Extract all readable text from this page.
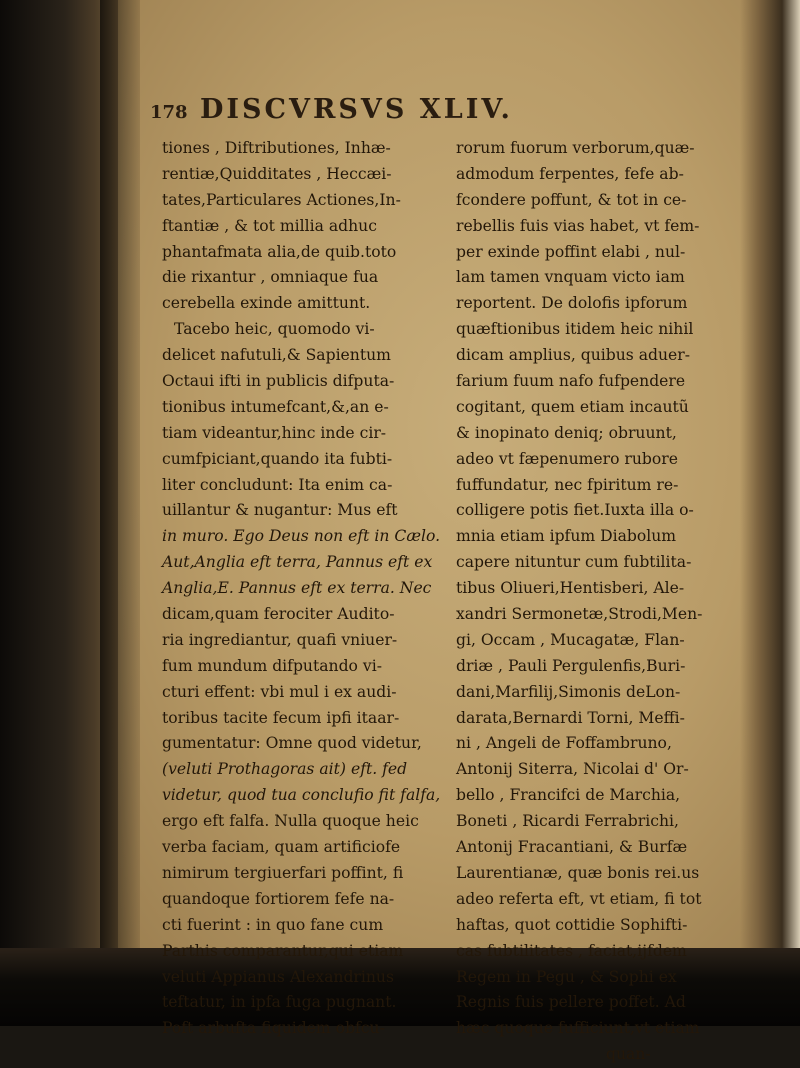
178 DISCVRSVS XLIV.
tiones , Diftributiones, Inhæ-
rentiæ,Quidditates , Heccæi-
tates,Particulares Actiones,In-
ftantiæ , & tot millia adhuc
phantafmata alia,de quib.toto
die rixantur , omniaque fua
cerebella exinde amittunt.
Tacebo heic, quomodo vi-
delicet nafutuli,& Sapientum
Octaui ifti in publicis difputa-
tionibus intumefcant,&,an e-
tiam videantur,hinc inde cir-
cumfpiciant,quando ita fubti-
liter concludunt: Ita enim ca-
uillantur & nugantur: Mus eft
in muro. Ego Deus non eft in Cælo.
Aut,Anglia eft terra, Pannus eft ex
Anglia,E. Pannus eft ex terra. Nec
dicam,quam ferociter Audito-
ria ingrediantur, quafi vniuer-
fum mundum difputando vi-
cturi effent: vbi mul i ex audi-
toribus tacite fecum ipfi itaar-
gumentatur: Omne quod videtur,
(veluti Prothagoras ait) eft. fed
videtur, quod tua conclufio fit falfa,
ergo eft falfa. Nulla quoque heic
verba faciam, quam artificiofe
nimirum tergiuerfari poffint, fi
quandoque fortiorem fefe na-
cti fuerint : in quo fane cum
Parthis comparantur,qui etiam
veluti Appianus Alexandrinus
teftatur, in ipfa fuga pugnant.
Poft arbufta fiquidem obfcu-
rorum fuorum verborum,quæ-
admodum ferpentes, fefe ab-
fcondere poffunt, & tot in ce-
rebellis fuis vias habet, vt fem-
per exinde poffint elabi , nul-
lam tamen vnquam victo iam
reportent. De dolofis ipforum
quæftionibus itidem heic nihil
dicam amplius, quibus aduer-
farium fuum nafo fufpendere
cogitant, quem etiam incautũ
& inopinato deniq; obruunt,
adeo vt fæpenumero rubore
fuffundatur, nec fpiritum re-
colligere potis fiet.Iuxta illa o-
mnia etiam ipfum Diabolum
capere nituntur cum fubtilita-
tibus Oliueri,Hentisberi, Ale-
xandri Sermonetæ,Strodi,Men-
gi, Occam , Mucagatæ, Flan-
driæ , Pauli Pergulenfis,Buri-
dani,Marfilij,Simonis deLon-
darata,Bernardi Torni, Meffi-
ni , Angeli de Foffambruno,
Antonij Siterra, Nicolai d' Or-
bello , Francifci de Marchia,
Boneti , Ricardi Ferrabrichi,
Antonij Fracantiani, & Burfæ
Laurentianæ, quæ bonis rei.us
adeo referta eft, vt etiam, fi tot
haftas, quot cottidie Sophifti-
cas fubtilitates , faciat,ijfdem
Regem in Pegu , & Sophi ex
Regnis fuis pellere poffet. Ad
hæc quoque fufficiunt,vt etiam
quan-
